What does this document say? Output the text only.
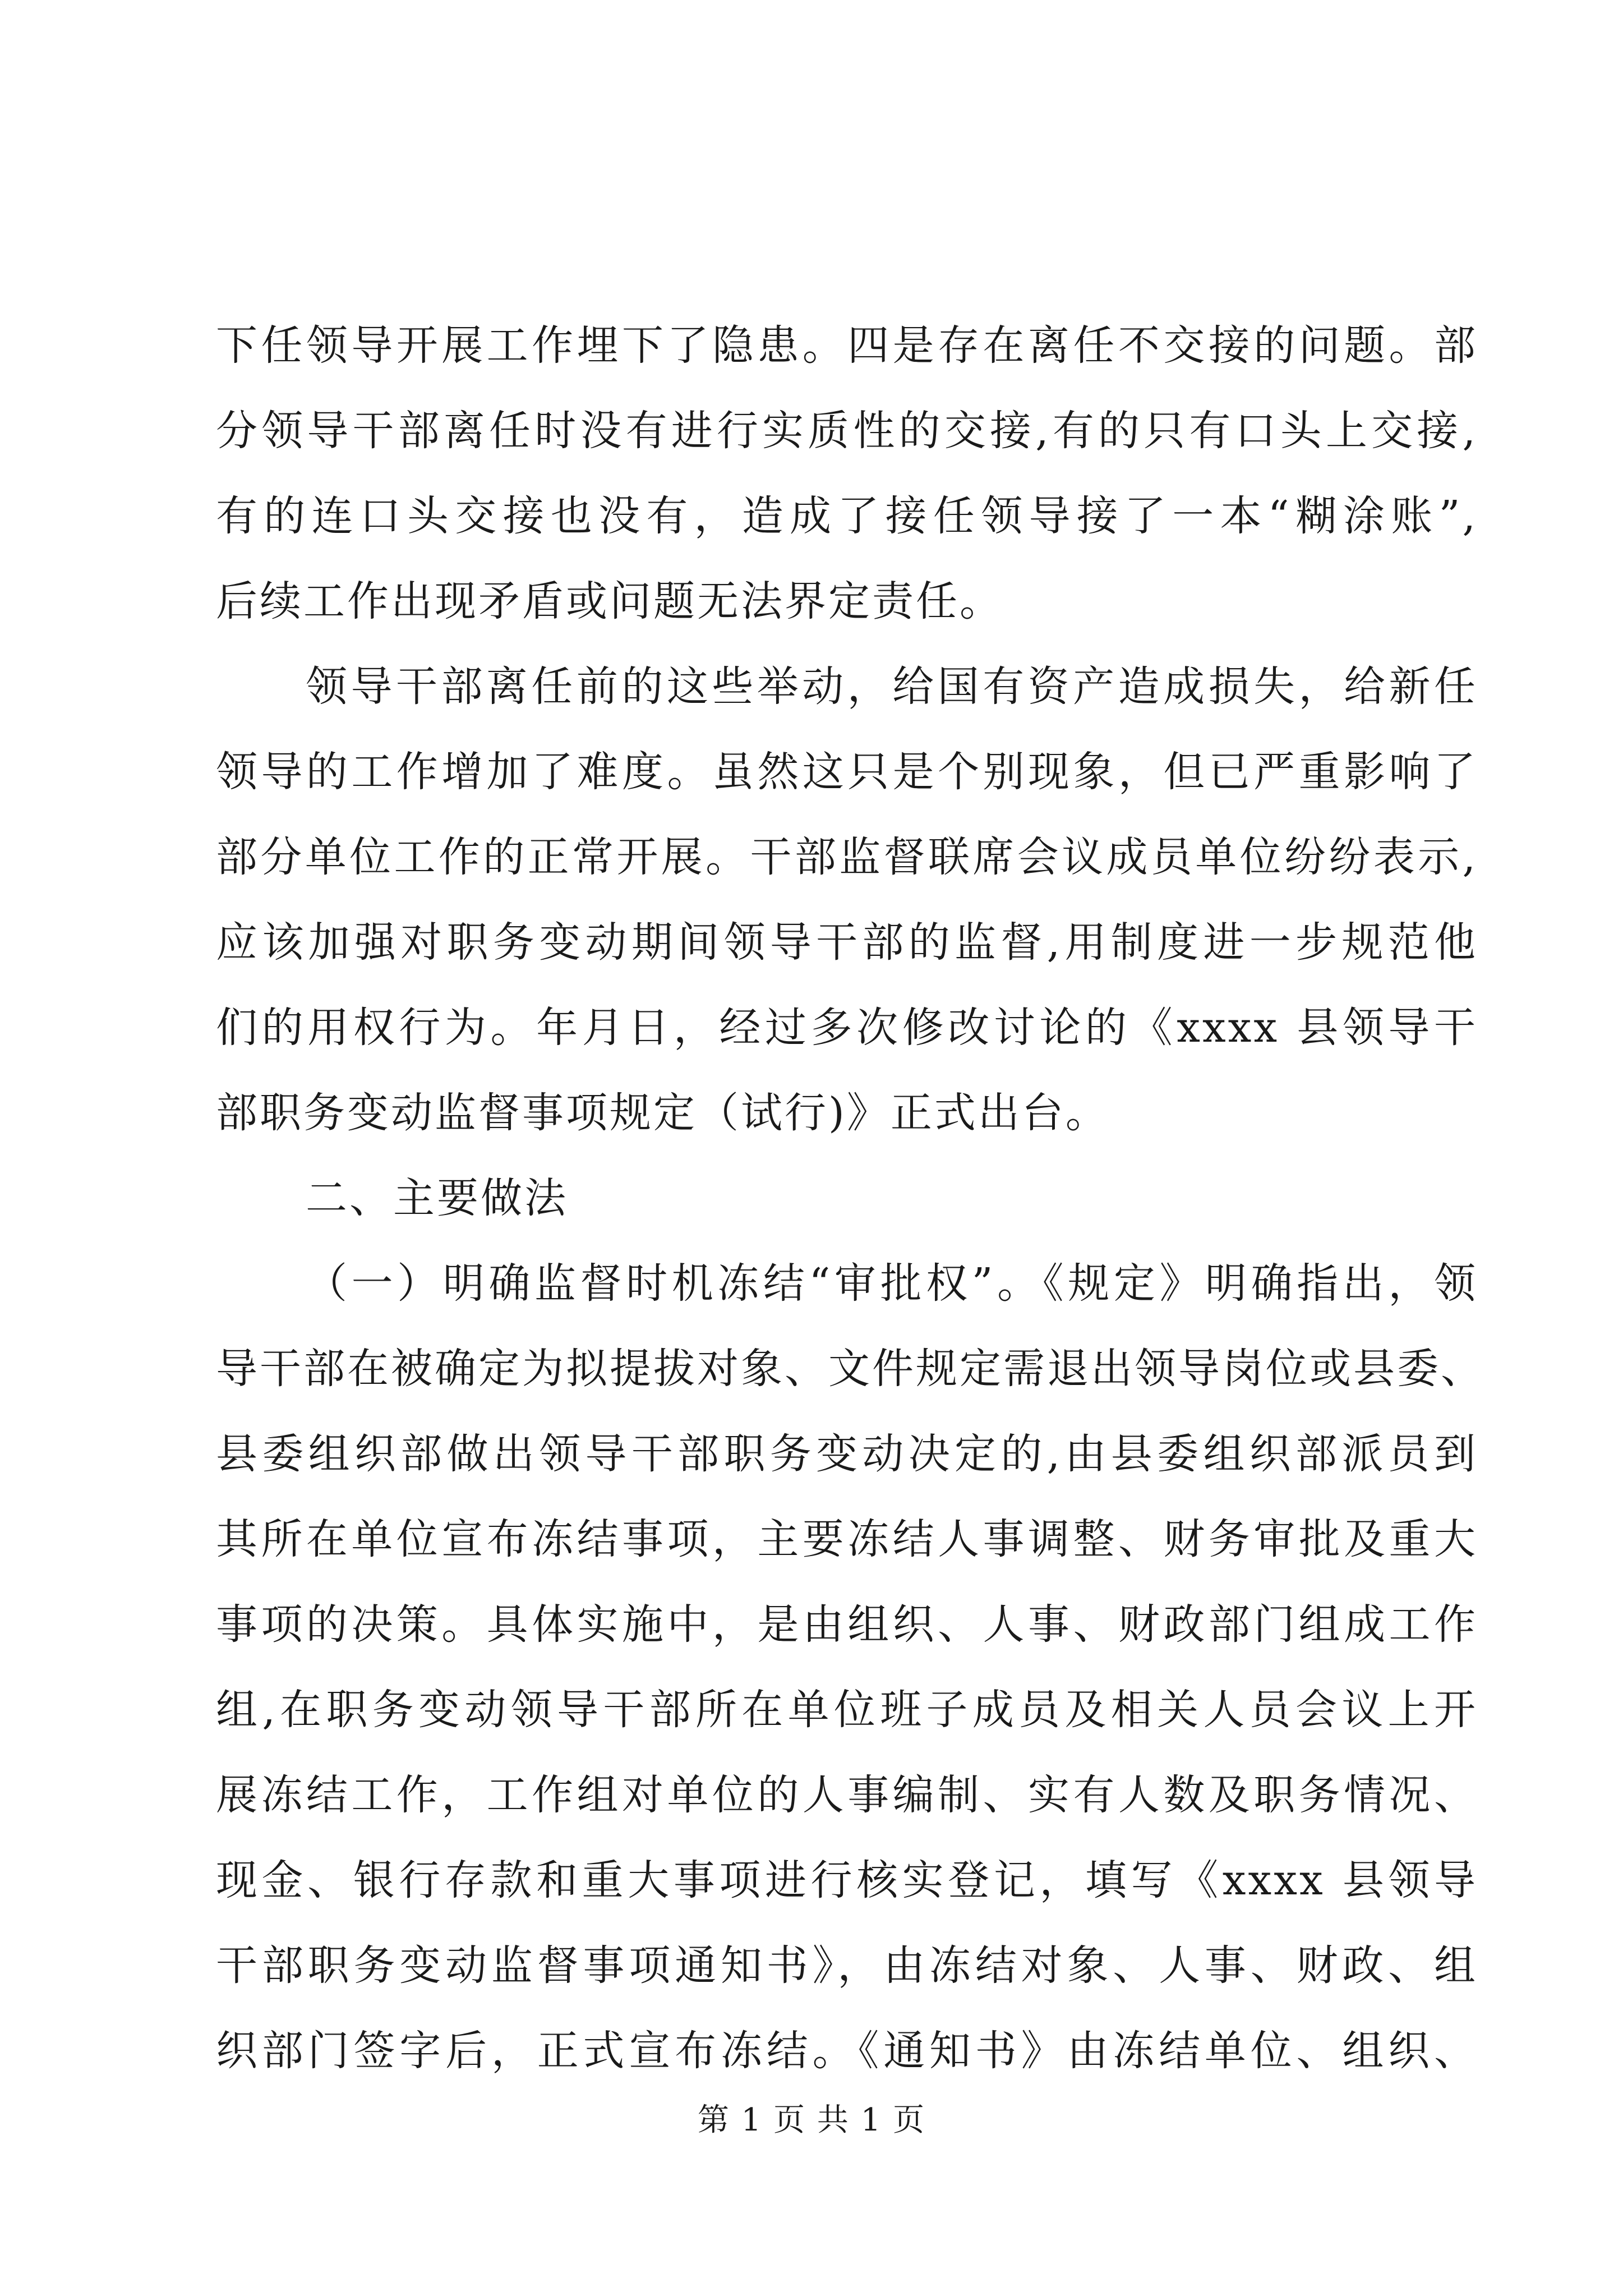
下任领导开展工作埋下了隐患。四是存在离任不交接的问题。部
分领导干部离任时没有进行实质性的交接,有的只有口头上交接,
有的连口头交接也没有，造成了接任领导接了一本“糊涂账”,
后续工作出现矛盾或问题无法界定责任。
领导干部离任前的这些举动，给国有资产造成损失，给新任
领导的工作增加了难度。虽然这只是个别现象，但已严重影响了
部分单位工作的正常开展。干部监督联席会议成员单位纷纷表示,
应该加强对职务变动期间领导干部的监督,用制度进一步规范他
们的用权行为。年月日，经过多次修改讨论的《xxxx 县领导干
部职务变动监督事项规定（试行)》正式出台。
二、主要做法
（一）明确监督时机冻结“审批权”。《规定》明确指出，领
导干部在被确定为拟提拔对象、文件规定需退出领导岗位或县委、
县委组织部做出领导干部职务变动决定的,由县委组织部派员到
其所在单位宣布冻结事项，主要冻结人事调整、财务审批及重大
事项的决策。具体实施中，是由组织、人事、财政部门组成工作
组,在职务变动领导干部所在单位班子成员及相关人员会议上开
展冻结工作，工作组对单位的人事编制、实有人数及职务情况、
现金、银行存款和重大事项进行核实登记，填写《xxxx 县领导
干部职务变动监督事项通知书》，由冻结对象、人事、财政、组
织部门签字后，正式宣布冻结。《通知书》由冻结单位、组织、
第 1 页 共 1 页
